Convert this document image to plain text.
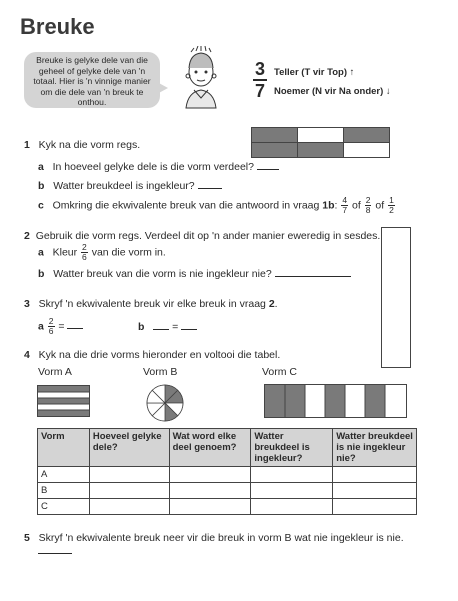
Breuke
Breuke is gelyke dele van die geheel of gelyke dele van 'n totaal. Hier is 'n vinnige manier om die dele van 'n breuk te onthou.
3
7
Teller (T vir Top) ↑
Noemer (N vir Na onder) ↓
1 Kyk na die vorm regs.
a In hoeveel gelyke dele is die vorm verdeel?
b Watter breukdeel is ingekleur?
c Omkring die ekwivalente breuk van die antwoord in vraag 1b: $\frac{4}{7}$ of $\frac{2}{8}$ of $\frac{1}{2}$
2 Gebruik die vorm regs. Verdeel dit op 'n ander manier eweredig in sesdes.
a Kleur $\frac{2}{6}$ van die vorm in.
b Watter breuk van die vorm is nie ingekleur nie?
3 Skryf 'n ekwivalente breuk vir elke breuk in vraag 2.
a $\frac{2}{6}$ =	b	=
4 Kyk na die drie vorms hieronder en voltooi die tabel.
Vorm A	Vorm B	Vorm C
Vorm	Hoeveel gelyke dele?	Wat word elke deel genoem?	Watter breukdeel is ingekleur?	Watter breukdeel is nie ingekleur nie?
A				
B				
C				
5 Skryf 'n ekwivalente breuk neer vir die breuk in vorm B wat nie ingekleur is nie.
